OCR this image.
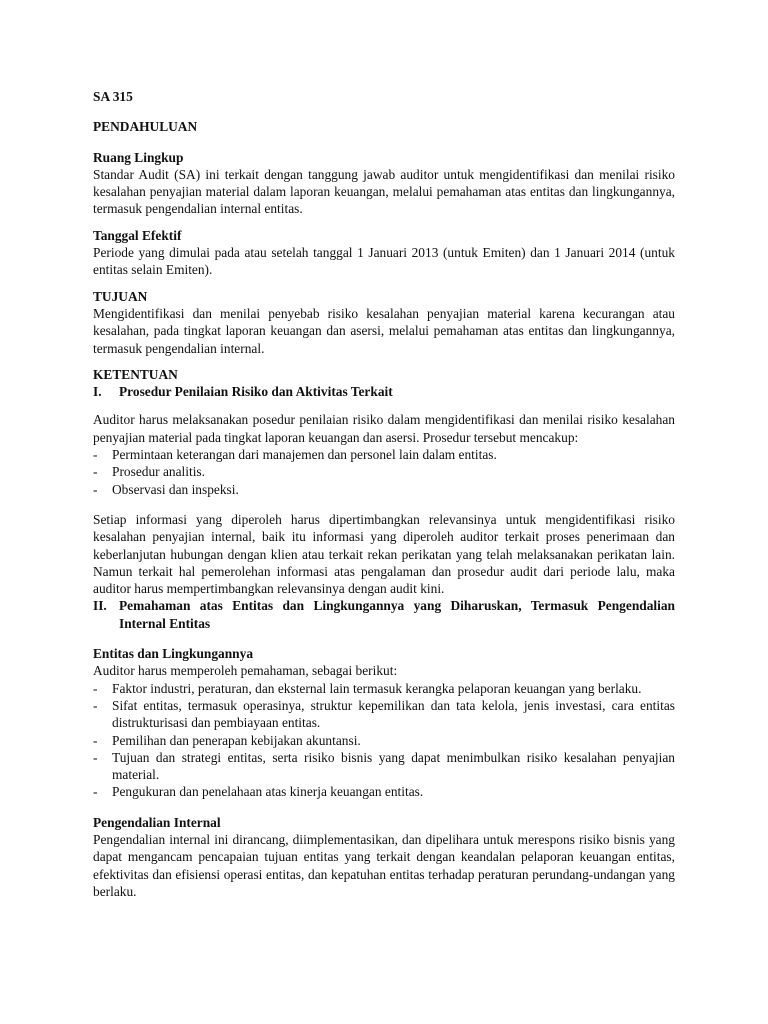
SA 315
PENDAHULUAN
Ruang Lingkup

Standar Audit (SA) ini terkait dengan tanggung jawab auditor untuk mengidentifikasi dan menilai risiko kesalahan penyajian material dalam laporan keuangan, melalui pemahaman atas entitas dan lingkungannya, termasuk pengendalian internal entitas.

Tanggal Efektif

Periode yang dimulai pada atau setelah tanggal 1 Januari 2013 (untuk Emiten) dan 1 Januari 2014 (untuk entitas selain Emiten).

TUJUAN

Mengidentifikasi dan menilai penyebab risiko kesalahan penyajian material karena kecurangan atau kesalahan, pada tingkat laporan keuangan dan asersi, melalui pemahaman atas entitas dan lingkungannya, termasuk pengendalian internal.

KETENTUAN
I.	Prosedur Penilaian Risiko dan Aktivitas Terkait

Auditor harus melaksanakan posedur penilaian risiko dalam mengidentifikasi dan menilai risiko kesalahan penyajian material pada tingkat laporan keuangan dan asersi. Prosedur tersebut mencakup:

-	Permintaan keterangan dari manajemen dan personel lain dalam entitas.
-	Prosedur analitis.
-	Observasi dan inspeksi.

Setiap informasi yang diperoleh harus dipertimbangkan relevansinya untuk mengidentifikasi risiko kesalahan penyajian internal, baik itu informasi yang diperoleh auditor terkait proses penerimaan dan keberlanjutan hubungan dengan klien atau terkait rekan perikatan yang telah melaksanakan perikatan lain. Namun terkait hal pemerolehan informasi atas pengalaman dan prosedur audit dari periode lalu, maka auditor harus mempertimbangkan relevansinya dengan audit kini.

II. Pemahaman atas Entitas dan Lingkungannya yang Diharuskan, Termasuk Pengendalian Internal Entitas
Entitas dan Lingkungannya

Auditor harus memperoleh pemahaman, sebagai berikut:

-	Faktor industri, peraturan, dan eksternal lain termasuk kerangka pelaporan keuangan yang berlaku.
-	Sifat entitas, termasuk operasinya, struktur kepemilikan dan tata kelola, jenis investasi, cara entitas distrukturisasi dan pembiayaan entitas.
-	Pemilihan dan penerapan kebijakan akuntansi.
-	Tujuan dan strategi entitas, serta risiko bisnis yang dapat menimbulkan risiko kesalahan penyajian material.
-	Pengukuran dan penelahaan atas kinerja keuangan entitas.
Pengendalian Internal

Pengendalian internal ini dirancang, diimplementasikan, dan dipelihara untuk merespons risiko bisnis yang dapat mengancam pencapaian tujuan entitas yang terkait dengan keandalan pelaporan keuangan entitas, efektivitas dan efisiensi operasi entitas, dan kepatuhan entitas terhadap peraturan perundang-undangan yang berlaku.
